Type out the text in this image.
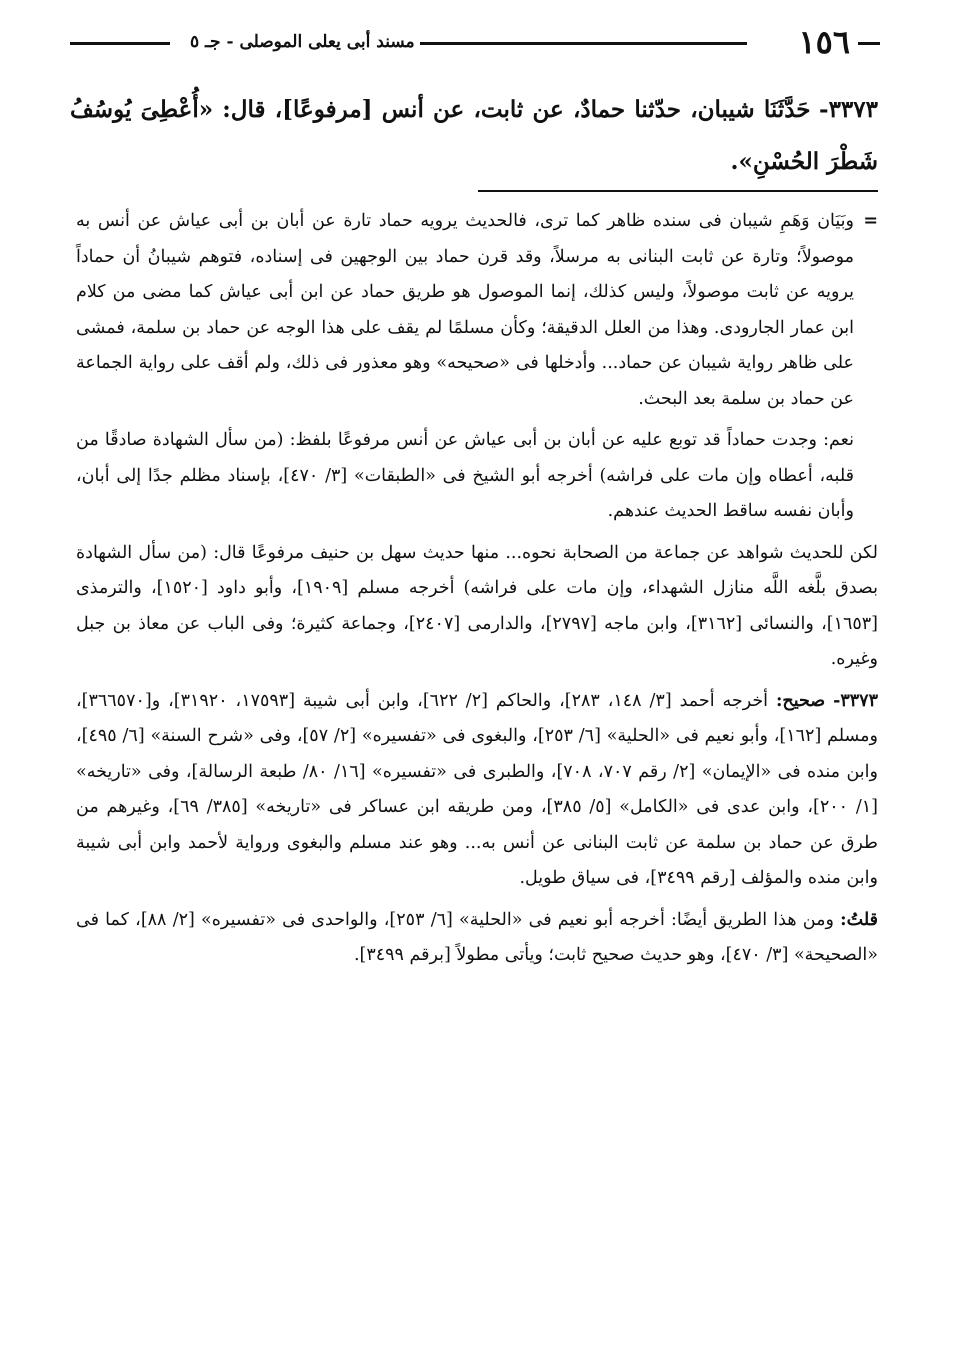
١٥٦
مسند أبى يعلى الموصلى - جـ ٥
٣٣٧٣- حَدَّثَنَا شيبان، حدّثنا حمادٌ، عن ثابت، عن أنس [مرفوعًا]، قال: «أُعْطِىَ يُوسُفُ شَطْرَ الحُسْنِ».

=
وبَيَان وَهَمِ شيبان فى سنده ظاهر كما ترى، فالحديث يرويه حماد تارة عن أبان بن أبى عياش عن أنس به موصولاً؛ وتارة عن ثابت البنانى به مرسلاً، وقد قرن حماد بين الوجهين فى إسناده، فتوهم شيبانُ أن حماداً يرويه عن ثابت موصولاً، وليس كذلك، إنما الموصول هو طريق حماد عن ابن أبى عياش كما مضى من كلام ابن عمار الجارودى. وهذا من العلل الدقيقة؛ وكأن مسلمًا لم يقف على هذا الوجه عن حماد بن سلمة، فمشى على ظاهر رواية شيبان عن حماد... وأدخلها فى «صحيحه» وهو معذور فى ذلك، ولم أقف على رواية الجماعة عن حماد بن سلمة بعد البحث.

نعم: وجدت حماداً قد توبع عليه عن أبان بن أبى عياش عن أنس مرفوعًا بلفظ: (من سأل الشهادة صادقًا من قلبه، أعطاه وإن مات على فراشه) أخرجه أبو الشيخ فى «الطبقات» [٣/ ٤٧٠]، بإسناد مظلم جدًا إلى أبان، وأبان نفسه ساقط الحديث عندهم.

لكن للحديث شواهد عن جماعة من الصحابة نحوه... منها حديث سهل بن حنيف مرفوعًا قال: (من سأل الشهادة بصدق بلَّغه اللَّه منازل الشهداء، وإن مات على فراشه) أخرجه مسلم [١٩٠٩]، وأبو داود [١٥٢٠]، والترمذى [١٦٥٣]، والنسائى [٣١٦٢]، وابن ماجه [٢٧٩٧]، والدارمى [٢٤٠٧]، وجماعة كثيرة؛ وفى الباب عن معاذ بن جبل وغيره.

٣٣٧٣- صحيح: أخرجه أحمد [٣/ ١٤٨، ٢٨٣]، والحاكم [٢/ ٦٢٢]، وابن أبى شيبة [١٧٥٩٣، ٣١٩٢٠]، و[٣٦٦٥٧٠]، ومسلم [١٦٢]، وأبو نعيم فى «الحلية» [٦/ ٢٥٣]، والبغوى فى «تفسيره» [٢/ ٥٧]، وفى «شرح السنة» [٦/ ٤٩٥]، وابن منده فى «الإيمان» [٢/ رقم ٧٠٧، ٧٠٨]، والطبرى فى «تفسيره» [١٦/ ٨٠/ طبعة الرسالة]، وفى «تاريخه» [١/ ٢٠٠]، وابن عدى فى «الكامل» [٥/ ٣٨٥]، ومن طريقه ابن عساكر فى «تاريخه» [٣٨٥/ ٦٩]، وغيرهم من طرق عن حماد بن سلمة عن ثابت البنانى عن أنس به... وهو عند مسلم والبغوى ورواية لأحمد وابن أبى شيبة وابن منده والمؤلف [رقم ٣٤٩٩]، فى سياق طويل.

قلتُ: ومن هذا الطريق أيضًا: أخرجه أبو نعيم فى «الحلية» [٦/ ٢٥٣]، والواحدى فى «تفسيره» [٢/ ٨٨]، كما فى «الصحيحة» [٣/ ٤٧٠]، وهو حديث صحيح ثابت؛ ويأتى مطولاً [برقم ٣٤٩٩].
